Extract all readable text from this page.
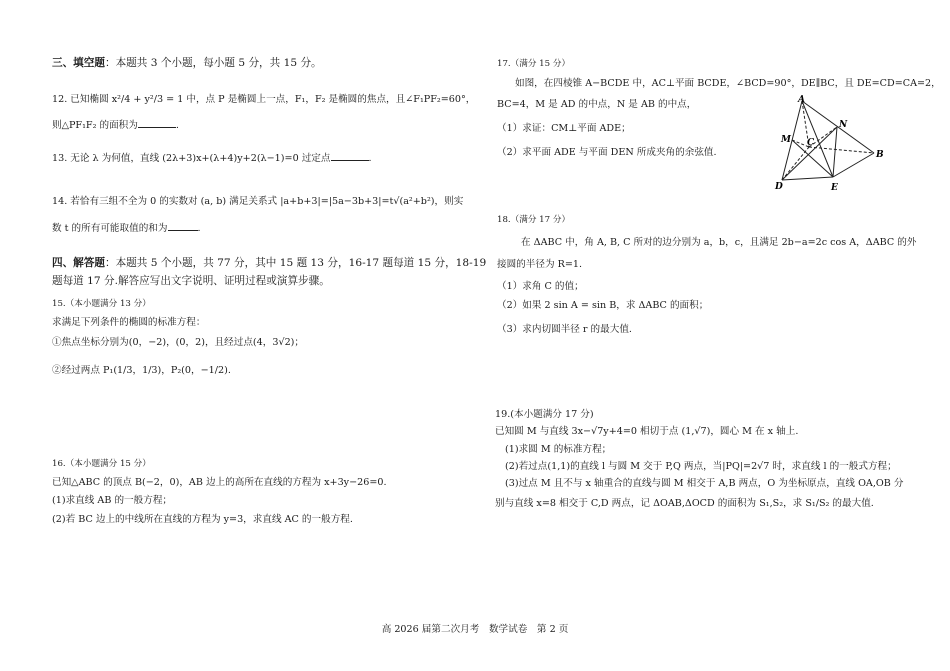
三、填空题：本题共 3 个小题，每小题 5 分，共 15 分。
12. 已知椭圆 x²/4 + y²/3 = 1 中，点 P 是椭圆上一点，F₁，F₂ 是椭圆的焦点，且∠F₁PF₂=60°，
则△PF₁F₂ 的面积为	.
13. 无论 λ 为何值，直线 (2λ+3)x+(λ+4)y+2(λ−1)=0 过定点	.
14. 若恰有三组不全为 0 的实数对 (a, b) 满足关系式 |a+b+3|=|5a−3b+3|=t√(a²+b²)，则实
数 t 的所有可能取值的和为	.
四、解答题：本题共 5 个小题，共 77 分，其中 15 题 13 分，16-17 题每道 15 分，18-19
题每道 17 分.解答应写出文字说明、证明过程或演算步骤。
15.（本小题满分 13 分）
求满足下列条件的椭圆的标准方程：
①焦点坐标分别为(0，−2)，(0，2)，且经过点(4，3√2)；
②经过两点 P₁(1/3，1/3)，P₂(0，−1/2).
16.（本小题满分 15 分）
已知△ABC 的顶点 B(−2，0)，AB 边上的高所在直线的方程为 x+3y−26=0.
(1)求直线 AB 的一般方程；
(2)若 BC 边上的中线所在直线的方程为 y=3，求直线 AC 的一般方程.
17.（满分 15 分）
如图，在四棱锥 A−BCDE 中，AC⊥平面 BCDE，∠BCD=90°，DE∥BC，且 DE=CD=CA=2，
BC=4，M 是 AD 的中点，N 是 AB 的中点，
（1）求证：CM⊥平面 ADE；
（2）求平面 ADE 与平面 DEN 所成夹角的余弦值.
A
M C
N
B
D	E
18.（满分 17 分）
在 ΔABC 中，角 A, B, C 所对的边分别为 a，b，c，且满足 2b−a=2c cos A，ΔABC 的外
接圆的半径为 R=1.
（1）求角 C 的值；
（2）如果 2 sin A = sin B，求 ΔABC 的面积；
（3）求内切圆半径 r 的最大值.
19.(本小题满分 17 分)
已知圆 M 与直线 3x−√7y+4=0 相切于点 (1,√7)，圆心 M 在 x 轴上.
(1)求圆 M 的标准方程；
(2)若过点(1,1)的直线 l 与圆 M 交于 P,Q 两点，当|PQ|=2√7 时，求直线 l 的一般式方程；
(3)过点 M 且不与 x 轴重合的直线与圆 M 相交于 A,B 两点，O 为坐标原点，直线 OA,OB 分
别与直线 x=8 相交于 C,D 两点，记 ΔOAB,ΔOCD 的面积为 S₁,S₂，求 S₁/S₂ 的最大值.
高 2026 届第二次月考　数学试卷　第 2 页
